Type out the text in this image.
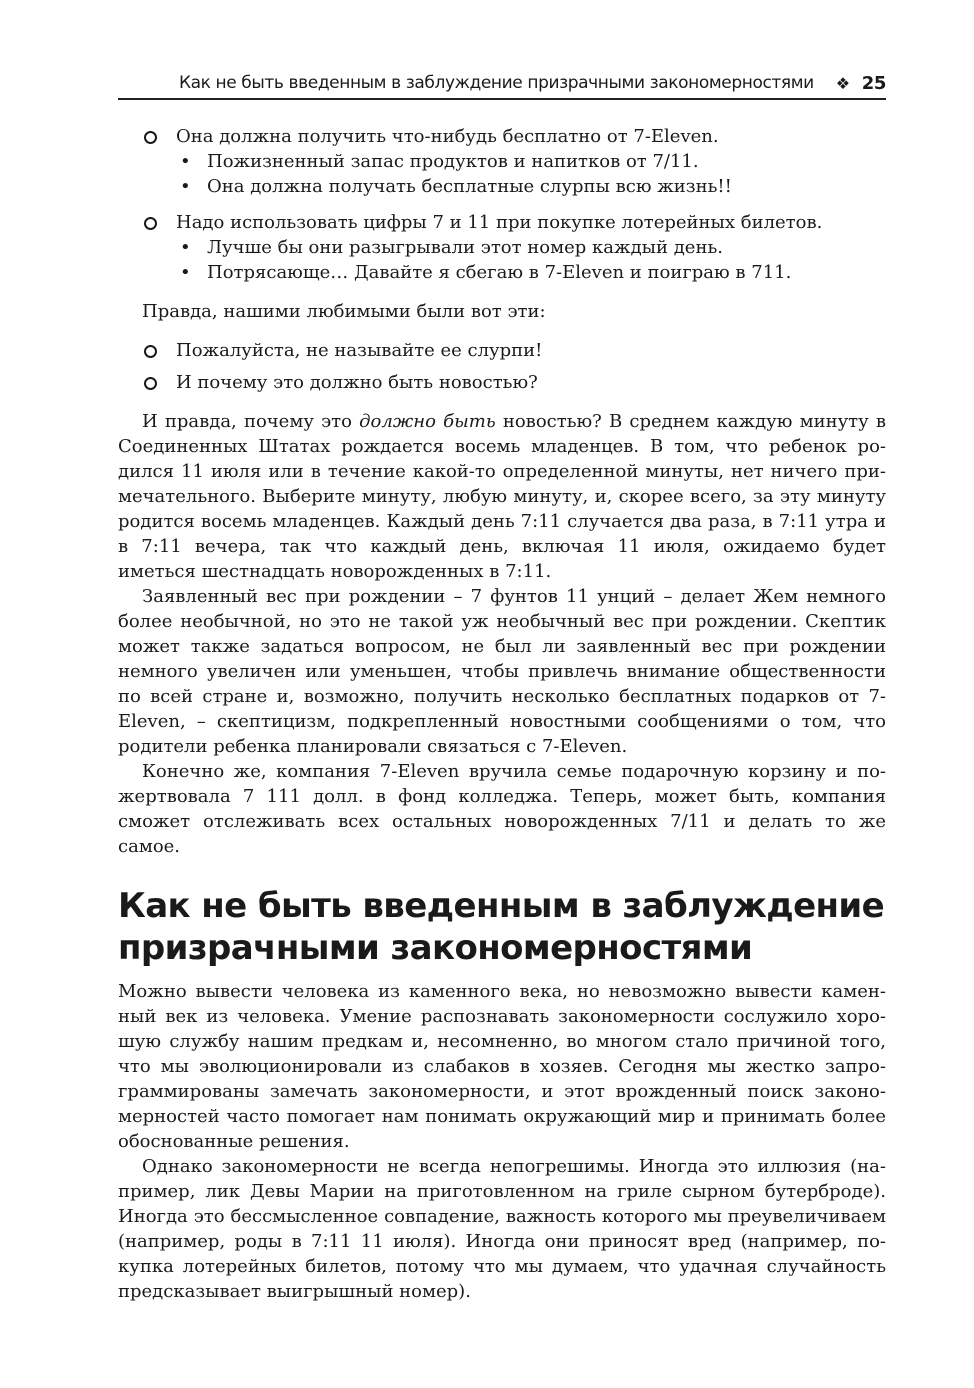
Как не быть введенным в заблуждение призрачными закономерностями ❖ 25
Она должна получить что-нибудь бесплатно от 7-Eleven.
• Пожизненный запас продуктов и напитков от 7/11.
• Она должна получать бесплатные слурпы всю жизнь!!
Надо использовать цифры 7 и 11 при покупке лотерейных билетов.
• Лучше бы они разыгрывали этот номер каждый день.
• Потрясающе… Давайте я сбегаю в 7-Eleven и поиграю в 711.

Правда, нашими любимыми были вот эти:

Пожалуйста, не называйте ее слурпи!
И почему это должно быть новостью?

И правда, почему это должно быть новостью? В среднем каждую минуту в Соединенных Штатах рождается восемь младенцев. В том, что ребенок родился 11 июля или в течение какой-то определенной минуты, нет ничего примечательного. Выберите минуту, любую минуту, и, скорее всего, за эту минуту родится восемь младенцев. Каждый день 7:11 случается два раза, в 7:11 утра и в 7:11 вечера, так что каждый день, включая 11 июля, ожидаемо будет иметься шестнадцать новорожденных в 7:11.

Заявленный вес при рождении – 7 фунтов 11 унций – делает Жем немного более необычной, но это не такой уж необычный вес при рождении. Скептик может также задаться вопросом, не был ли заявленный вес при рождении немного увеличен или уменьшен, чтобы привлечь внимание общественности по всей стране и, возможно, получить несколько бесплатных подарков от 7-Eleven, – скептицизм, подкрепленный новостными сообщениями о том, что родители ребенка планировали связаться с 7-Eleven.

Конечно же, компания 7-Eleven вручила семье подарочную корзину и пожертвовала 7 111 долл. в фонд колледжа. Теперь, может быть, компания сможет отслеживать всех остальных новорожденных 7/11 и делать то же самое.

Как не быть введенным в заблуждение призрачными закономерностями

Можно вывести человека из каменного века, но невозможно вывести каменный век из человека. Умение распознавать закономерности сослужило хорошую службу нашим предкам и, несомненно, во многом стало причиной того, что мы эволюционировали из слабаков в хозяев. Сегодня мы жестко запрограммированы замечать закономерности, и этот врожденный поиск закономерностей часто помогает нам понимать окружающий мир и принимать более обоснованные решения.

Однако закономерности не всегда непогрешимы. Иногда это иллюзия (например, лик Девы Марии на приготовленном на гриле сырном бутерброде). Иногда это бессмысленное совпадение, важность которого мы преувеличиваем (например, роды в 7:11 11 июля). Иногда они приносят вред (например, покупка лотерейных билетов, потому что мы думаем, что удачная случайность предсказывает выигрышный номер).
